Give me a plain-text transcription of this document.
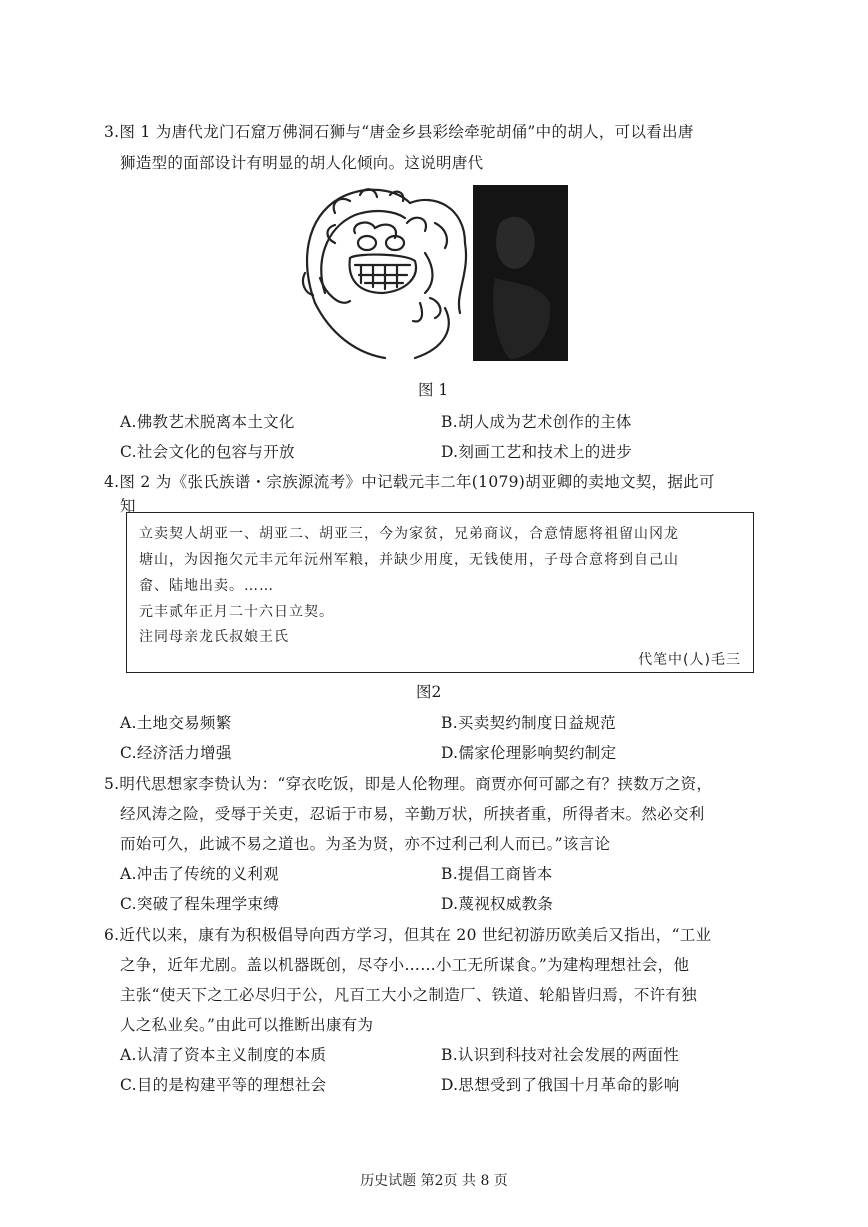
3.图 1 为唐代龙门石窟万佛洞石狮与“唐金乡县彩绘牵驼胡俑”中的胡人，可以看出唐
狮造型的面部设计有明显的胡人化倾向。这说明唐代
图 1
A.佛教艺术脱离本土文化	B.胡人成为艺术创作的主体
C.社会文化的包容与开放	D.刻画工艺和技术上的进步
4.图 2 为《张氏族谱・宗族源流考》中记载元丰二年(1079)胡亚卿的卖地文契，据此可
知
立卖契人胡亚一、胡亚二、胡亚三，今为家贫，兄弟商议，合意情愿将祖留山冈龙
塘山，为因拖欠元丰元年沅州军粮，并缺少用度，无钱使用，子母合意将到自己山
畲、陆地出卖。……
元丰贰年正月二十六日立契。
注同母亲龙氏叔娘王氏
代笔中(人)毛三
图2
A.土地交易频繁	B.买卖契约制度日益规范
C.经济活力增强	D.儒家伦理影响契约制定
5.明代思想家李贽认为：“穿衣吃饭，即是人伦物理。商贾亦何可鄙之有？挟数万之资，
经风涛之险，受辱于关吏，忍诟于市易，辛勤万状，所挟者重，所得者末。然必交利
而始可久，此诚不易之道也。为圣为贤，亦不过利己利人而已。”该言论
A.冲击了传统的义利观	B.提倡工商皆本
C.突破了程朱理学束缚	D.蔑视权威教条
6.近代以来，康有为积极倡导向西方学习，但其在 20 世纪初游历欧美后又指出，“工业
之争，近年尤剧。盖以机器既创，尽夺小……小工无所谋食。”为建构理想社会，他
主张“使天下之工必尽归于公，凡百工大小之制造厂、铁道、轮船皆归焉，不许有独
人之私业矣。”由此可以推断出康有为
A.认清了资本主义制度的本质	B.认识到科技对社会发展的两面性
C.目的是构建平等的理想社会	D.思想受到了俄国十月革命的影响
历史试题 第2页 共 8 页
